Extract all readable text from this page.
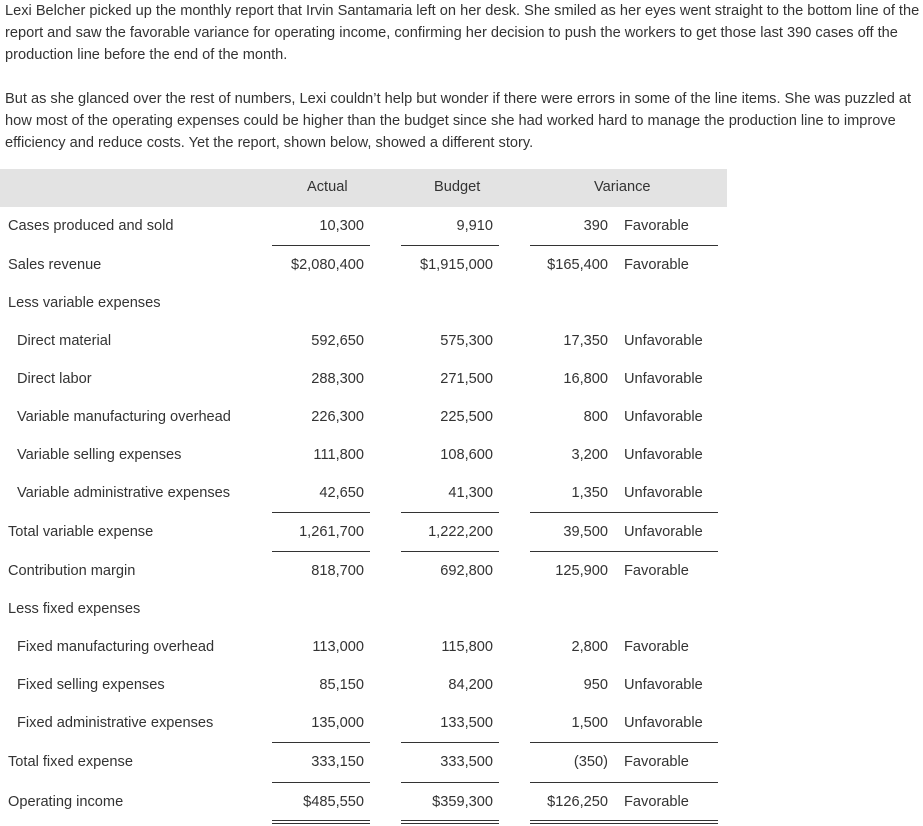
Lexi Belcher picked up the monthly report that Irvin Santamaria left on her desk. She smiled as her eyes went straight to the bottom line of the report and saw the favorable variance for operating income, confirming her decision to push the workers to get those last 390 cases off the production line before the end of the month.

But as she glanced over the rest of numbers, Lexi couldn’t help but wonder if there were errors in some of the line items. She was puzzled at how most of the operating expenses could be higher than the budget since she had worked hard to manage the production line to improve efficiency and reduce costs. Yet the report, shown below, showed a different story.

Actual	Budget	Variance
Cases produced and sold	10,300	9,910	390 Favorable
Sales revenue	$2,080,400	$1,915,000	$165,400 Favorable
Less variable expenses
Direct material	592,650	575,300	17,350 Unfavorable
Direct labor	288,300	271,500	16,800 Unfavorable
Variable manufacturing overhead	226,300	225,500	800 Unfavorable
Variable selling expenses	111,800	108,600	3,200 Unfavorable
Variable administrative expenses	42,650	41,300	1,350 Unfavorable
Total variable expense	1,261,700	1,222,200	39,500 Unfavorable
Contribution margin	818,700	692,800	125,900 Favorable
Less fixed expenses
Fixed manufacturing overhead	113,000	115,800	2,800 Favorable
Fixed selling expenses	85,150	84,200	950 Unfavorable
Fixed administrative expenses	135,000	133,500	1,500 Unfavorable
Total fixed expense	333,150	333,500	(350) Favorable
Operating income	$485,550	$359,300	$126,250 Favorable
